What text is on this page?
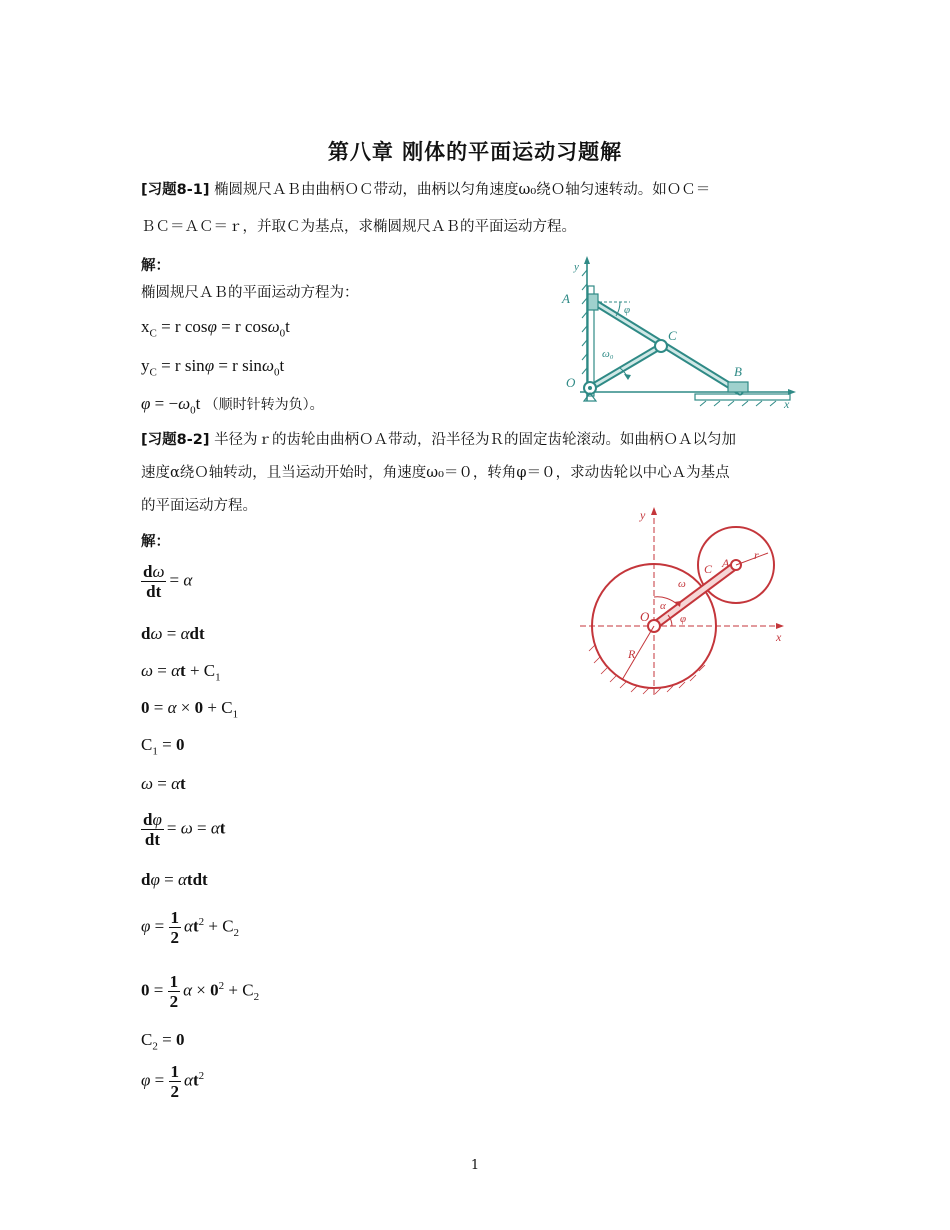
第八章 刚体的平面运动习题解
[习题8-1] 椭圆规尺ＡＢ由曲柄ＯＣ带动，曲柄以匀角速度ω₀绕Ｏ轴匀速转动。如ＯＣ＝
ＢＣ＝ＡＣ＝ｒ，并取Ｃ为基点，求椭圆规尺ＡＢ的平面运动方程。
解：
椭圆规尺ＡＢ的平面运动方程为：
$x_C = r$ cosφ = r cosω$_0$t
$y_C = r$ sinφ = r sinω$_0$t
$\varphi = -\omega_0t$ （顺时针转为负）。
y
A
φ
C
ω₀
O
B
x
[习题8-2] 半径为ｒ的齿轮由曲柄ＯＡ带动，沿半径为Ｒ的固定齿轮滚动。如曲柄ＯＡ以匀加
速度α绕Ｏ轴转动，且当运动开始时，角速度ω₀＝０，转角φ＝０，求动齿轮以中心Ａ为基点
的平面运动方程。
解：
$\frac{d\omega}{dt} = \alpha$
dω = αdt
$\omega = \alpha t + C_1$
$0 = \alpha \times 0 + C_1$
$C_1 = 0$
ω = αt
$\frac{d\varphi}{dt} = \omega = \alpha t$
dφ = αtdt
$\varphi = \frac{1}{2} \alpha t^2 + C_2$
$0 = \frac{1}{2}$ $\alpha \times 0^2 + C_2$
$C_2 = 0$
$\varphi = \frac{1}{2} \alpha t^2$
y
x
O
A
C
r
R
α
ω
φ
1
